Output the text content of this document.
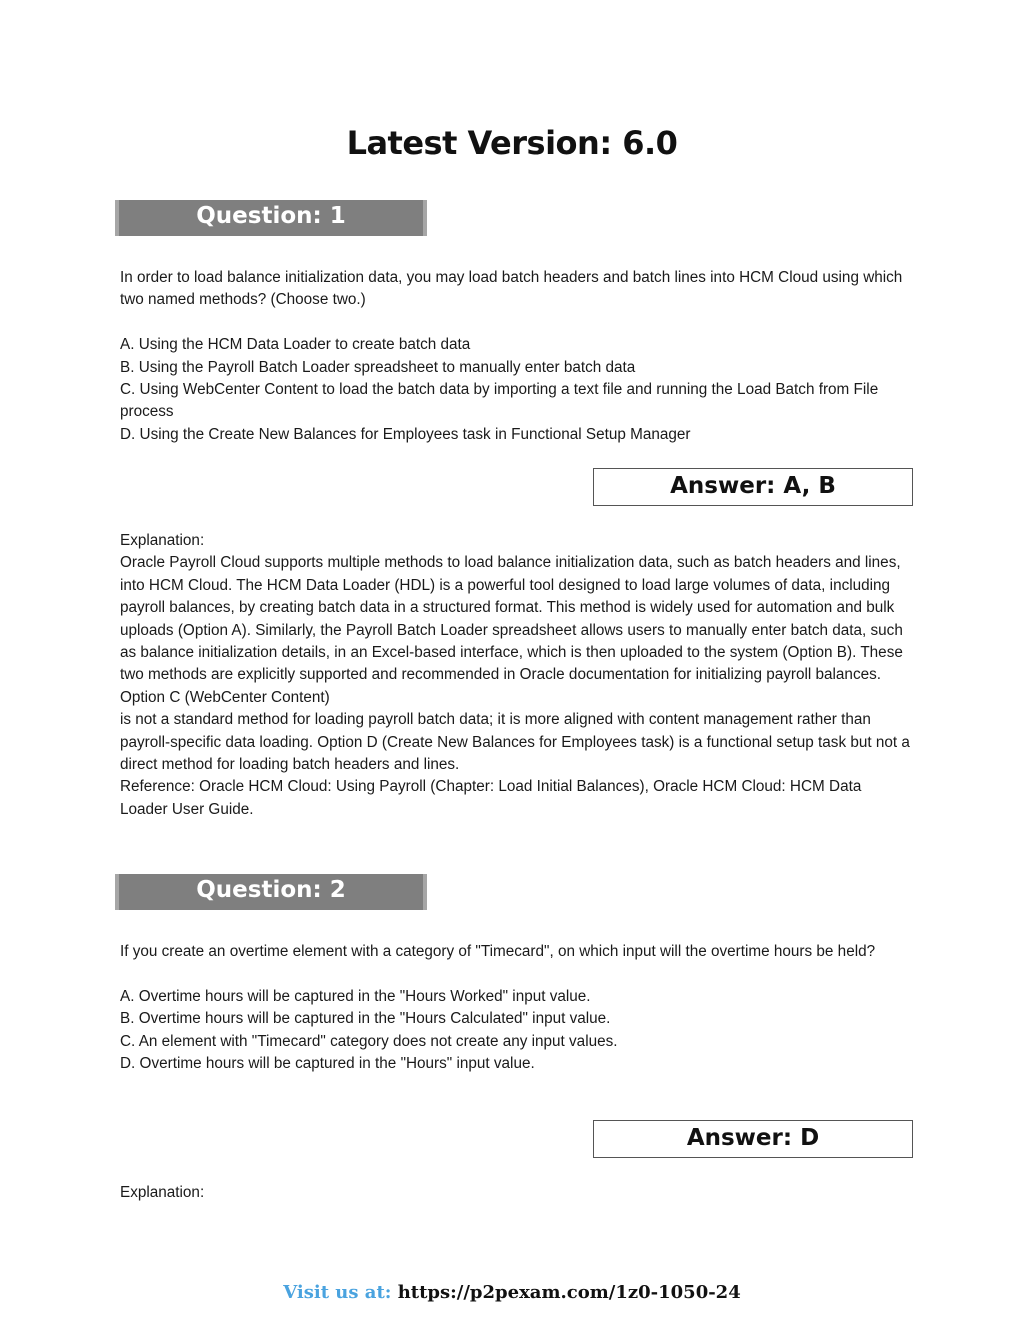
Latest Version: 6.0
Question: 1

In order to load balance initialization data, you may load batch headers and batch lines into HCM Cloud using which two named methods? (Choose two.)

A. Using the HCM Data Loader to create batch data

B. Using the Payroll Batch Loader spreadsheet to manually enter batch data

C. Using WebCenter Content to load the batch data by importing a text file and running the Load Batch from File process

D. Using the Create New Balances for Employees task in Functional Setup Manager

Answer: A, B

Explanation:

Oracle Payroll Cloud supports multiple methods to load balance initialization data, such as batch headers and lines, into HCM Cloud. The HCM Data Loader (HDL) is a powerful tool designed to load large volumes of data, including payroll balances, by creating batch data in a structured format. This method is widely used for automation and bulk uploads (Option A). Similarly, the Payroll Batch Loader spreadsheet allows users to manually enter batch data, such as balance initialization details, in an Excel-based interface, which is then uploaded to the system (Option B). These two methods are explicitly supported and recommended in Oracle documentation for initializing payroll balances. Option C (WebCenter Content)

is not a standard method for loading payroll batch data; it is more aligned with content management rather than payroll-specific data loading. Option D (Create New Balances for Employees task) is a functional setup task but not a direct method for loading batch headers and lines.

Reference: Oracle HCM Cloud: Using Payroll (Chapter: Load Initial Balances), Oracle HCM Cloud: HCM Data Loader User Guide.

Question: 2

If you create an overtime element with a category of "Timecard", on which input will the overtime hours be held?

A. Overtime hours will be captured in the "Hours Worked" input value.

B. Overtime hours will be captured in the "Hours Calculated" input value.

C. An element with "Timecard" category does not create any input values.

D. Overtime hours will be captured in the "Hours" input value.

Answer: D

Explanation:

Visit us at: https://p2pexam.com/1z0-1050-24
